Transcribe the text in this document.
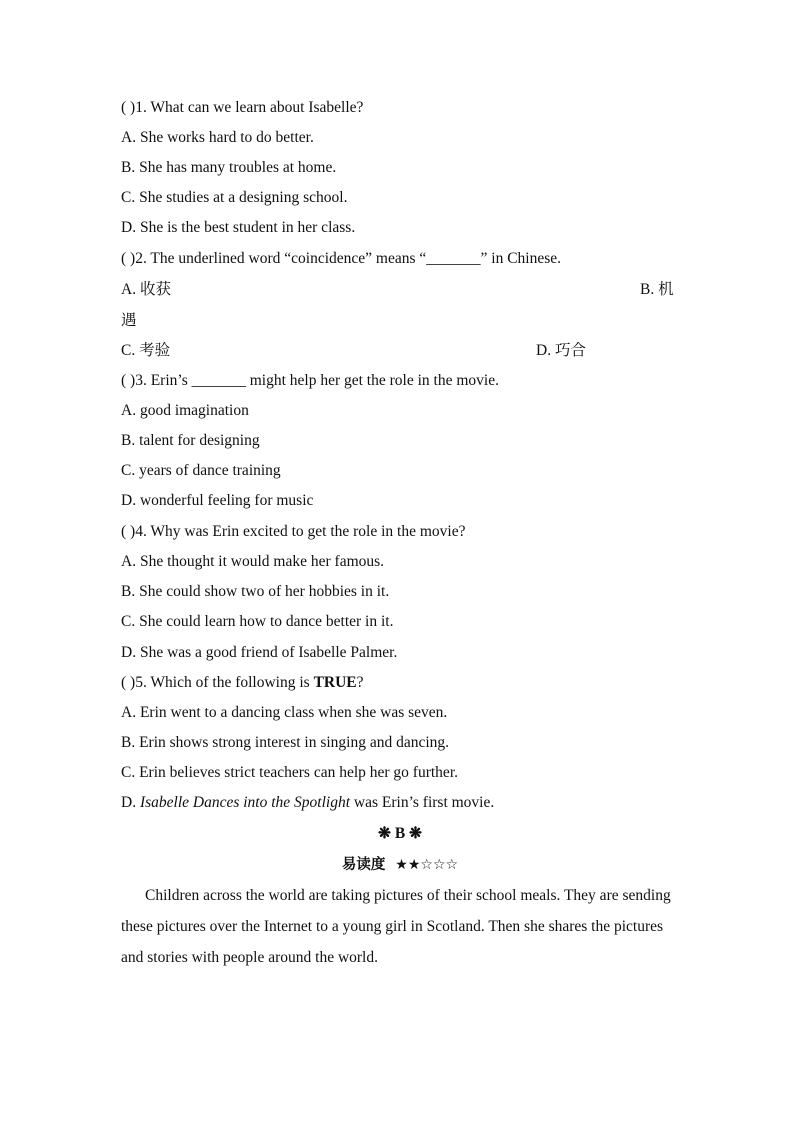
( )1. What can we learn about Isabelle?
A. She works hard to do better.
B. She has many troubles at home.
C. She studies at a designing school.
D. She is the best student in her class.
( )2. The underlined word “coincidence” means “_______” in Chinese.
A. 收获	B. 机
遇
C. 考验	D. 巧合
( )3. Erin’s _______ might help her get the role in the movie.
A. good imagination
B. talent for designing
C. years of dance training
D. wonderful feeling for music
( )4. Why was Erin excited to get the role in the movie?
A. She thought it would make her famous.
B. She could show two of her hobbies in it.
C. She could learn how to dance better in it.
D. She was a good friend of Isabelle Palmer.
( )5. Which of the following is TRUE?
A. Erin went to a dancing class when she was seven.
B. Erin shows strong interest in singing and dancing.
C. Erin believes strict teachers can help her go further.
D. Isabelle Dances into the Spotlight was Erin’s first movie.
❋ B ❋
易读度 ★★☆☆☆

Children across the world are taking pictures of their school meals. They are sending these pictures over the Internet to a young girl in Scotland. Then she shares the pictures and stories with people around the world.
